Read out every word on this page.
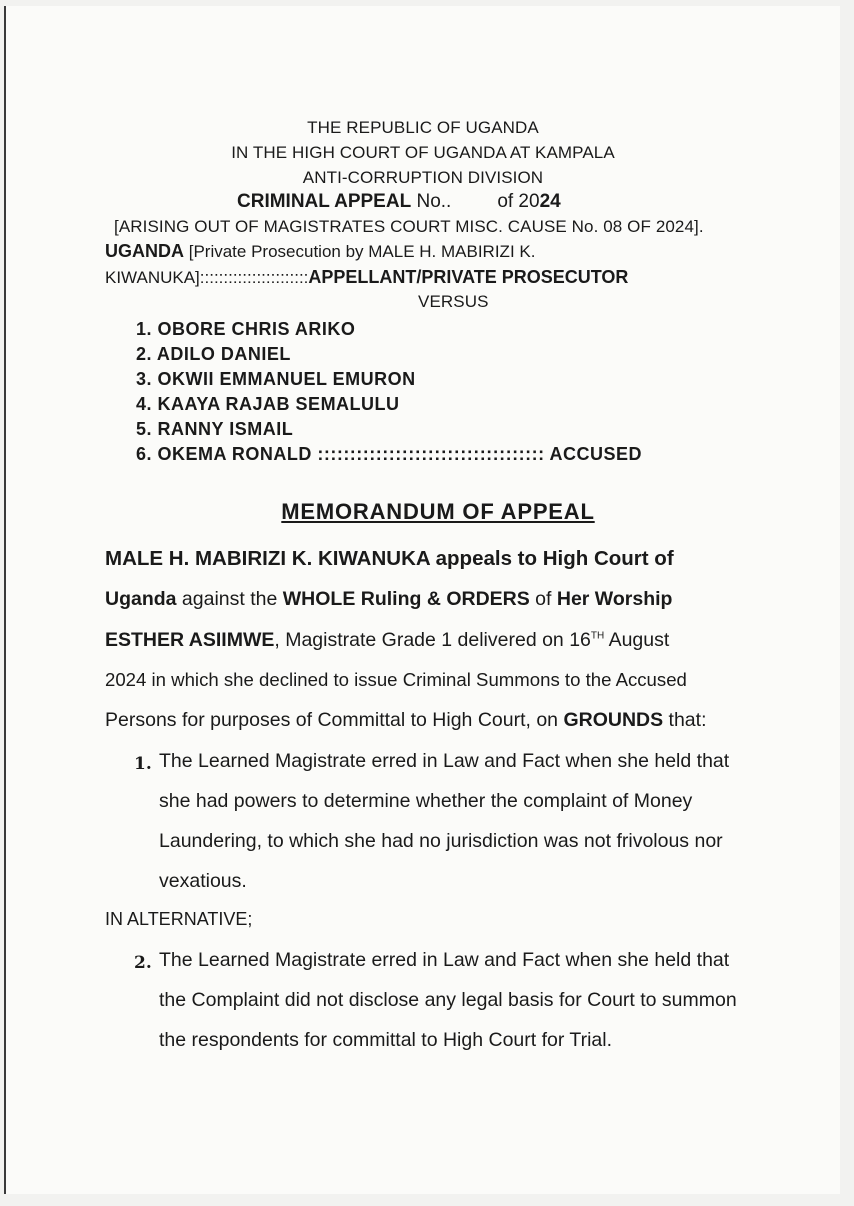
THE REPUBLIC OF UGANDA
IN THE HIGH COURT OF UGANDA AT KAMPALA
ANTI-CORRUPTION DIVISION
CRIMINAL APPEAL No.. of 2024
[ARISING OUT OF MAGISTRATES COURT MISC. CAUSE No. 08 OF 2024].
UGANDA [Private Prosecution by MALE H. MABIRIZI K.
KIWANUKA]:::::::::::::::::::::::APPELLANT/PRIVATE PROSECUTOR
VERSUS
1. OBORE CHRIS ARIKO
2. ADILO DANIEL
3. OKWII EMMANUEL EMURON
4. KAAYA RAJAB SEMALULU
5. RANNY ISMAIL
6. OKEMA RONALD ::::::::::::::::::::::::::::::::::: ACCUSED
MEMORANDUM OF APPEAL
MALE H. MABIRIZI K. KIWANUKA appeals to High Court of
Uganda against the WHOLE Ruling & ORDERS of Her Worship
ESTHER ASIIMWE, Magistrate Grade 1 delivered on 16TH August
2024 in which she declined to issue Criminal Summons to the Accused
Persons for purposes of Committal to High Court, on GROUNDS that:
1. The Learned Magistrate erred in Law and Fact when she held that
she had powers to determine whether the complaint of Money
Laundering, to which she had no jurisdiction was not frivolous nor
vexatious.
IN ALTERNATIVE;
2. The Learned Magistrate erred in Law and Fact when she held that
the Complaint did not disclose any legal basis for Court to summon
the respondents for committal to High Court for Trial.
